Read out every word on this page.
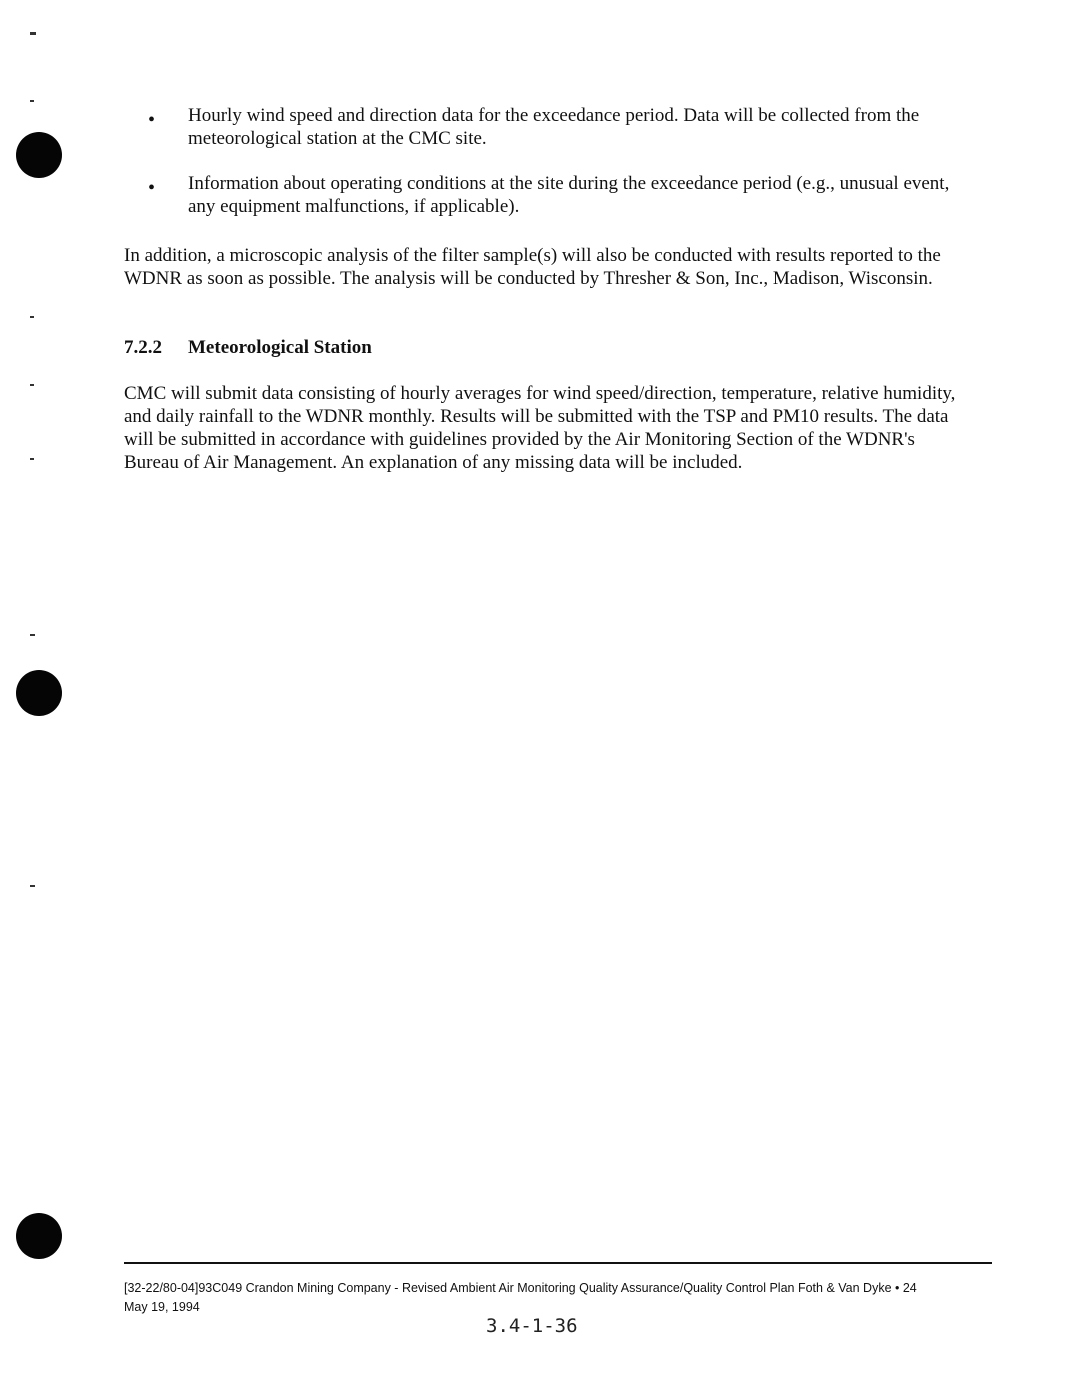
• Hourly wind speed and direction data for the exceedance period. Data will be collected from the meteorological station at the CMC site.
• Information about operating conditions at the site during the exceedance period (e.g., unusual event, any equipment malfunctions, if applicable).

In addition, a microscopic analysis of the filter sample(s) will also be conducted with results reported to the WDNR as soon as possible. The analysis will be conducted by Thresher & Son, Inc., Madison, Wisconsin.

7.2.2 Meteorological Station

CMC will submit data consisting of hourly averages for wind speed/direction, temperature, relative humidity, and daily rainfall to the WDNR monthly. Results will be submitted with the TSP and PM10 results. The data will be submitted in accordance with guidelines provided by the Air Monitoring Section of the WDNR's Bureau of Air Management. An explanation of any missing data will be included.

[32-22/80-04]93C049 Crandon Mining Company - Revised Ambient Air Monitoring Quality Assurance/Quality Control Plan Foth & Van Dyke • 24
May 19, 1994
3.4-1-36
